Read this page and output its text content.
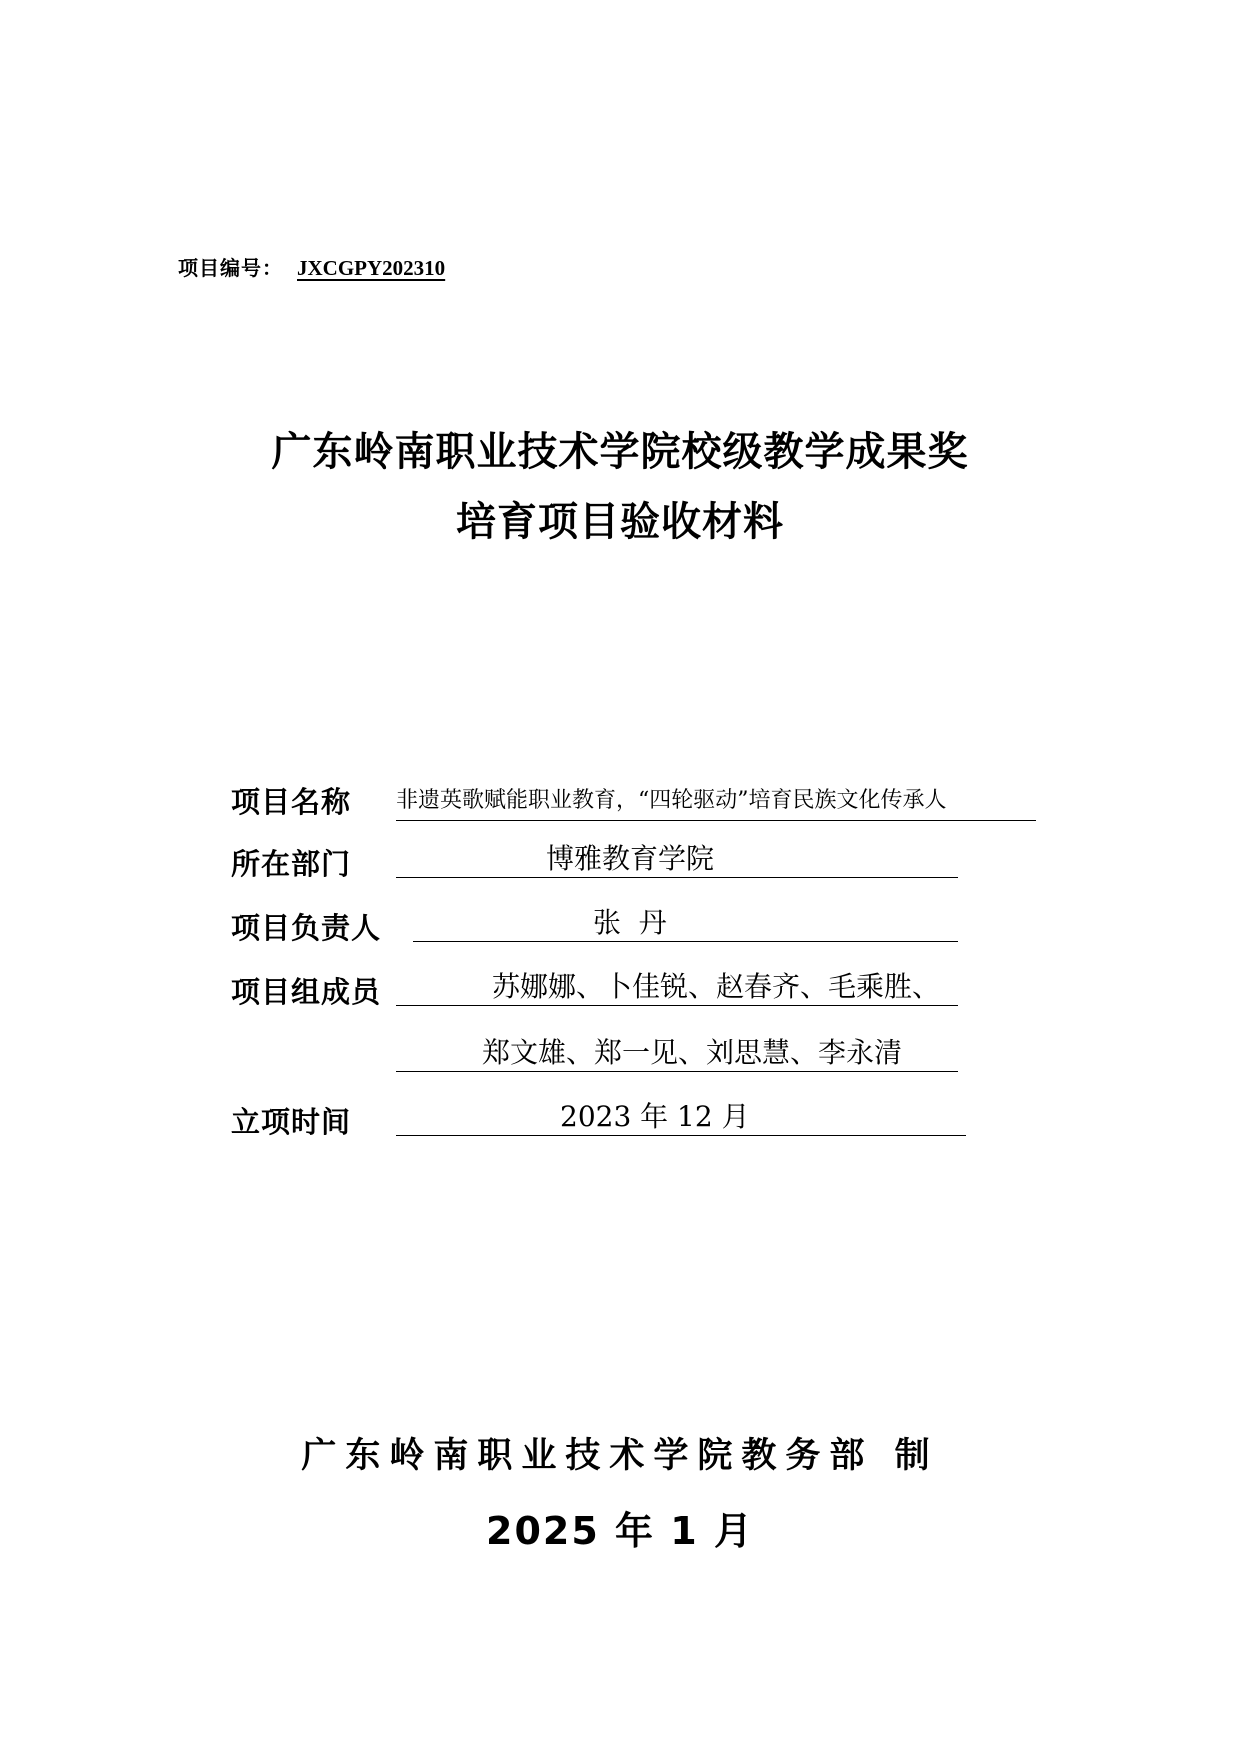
项目编号： JXCGPY202310
广东岭南职业技术学院校级教学成果奖
培育项目验收材料
项目名称 非遗英歌赋能职业教育，“四轮驱动”培育民族文化传承人
所在部门	博雅教育学院
项目负责人	张  丹
项目组成员	苏娜娜、卜佳锐、赵春齐、毛乘胜、
郑文雄、郑一见、刘思慧、李永清
立项时间	2023 年 12 月
广东岭南职业技术学院教务部 制
2025 年 1 月
